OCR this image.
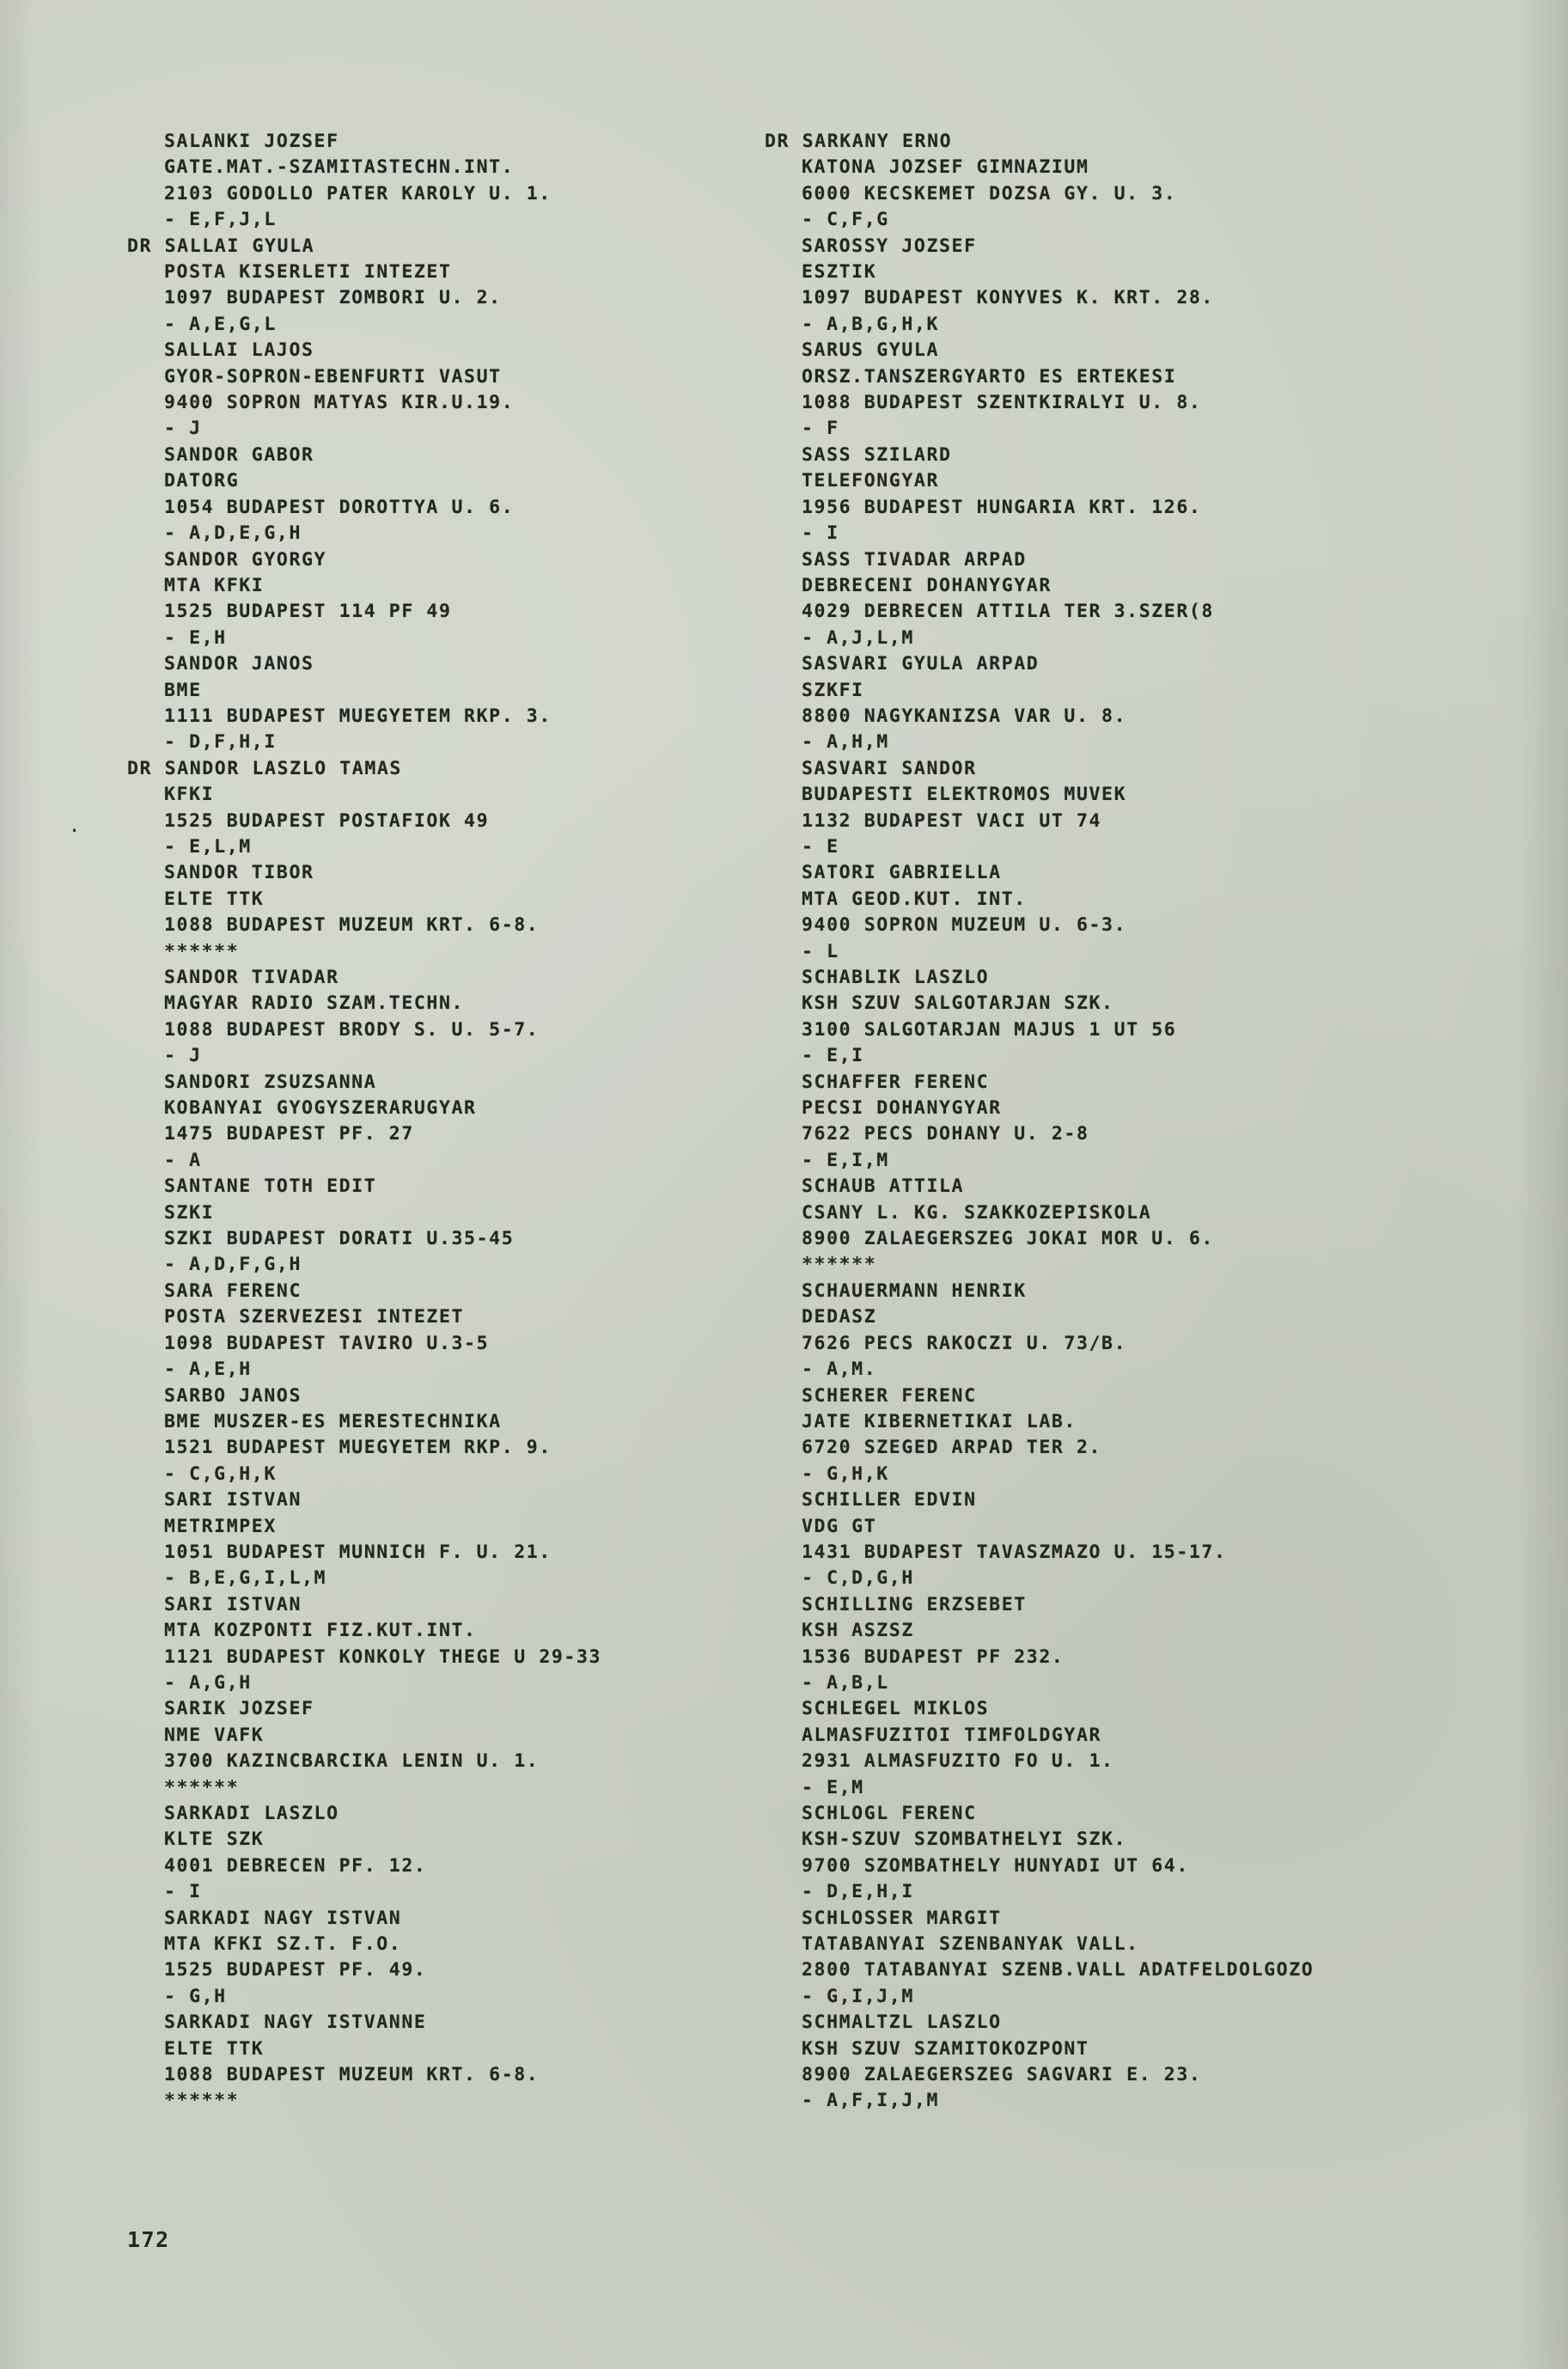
·
SALANKI JOZSEF
GATE.MAT.-SZAMITASTECHN.INT.
2103 GODOLLO PATER KAROLY U. 1.
- E,F,J,L
DR SALLAI GYULA
POSTA KISERLETI INTEZET
1097 BUDAPEST ZOMBORI U. 2.
- A,E,G,L
SALLAI LAJOS
GYOR-SOPRON-EBENFURTI VASUT
9400 SOPRON MATYAS KIR.U.19.
- J
SANDOR GABOR
DATORG
1054 BUDAPEST DOROTTYA U. 6.
- A,D,E,G,H
SANDOR GYORGY
MTA KFKI
1525 BUDAPEST 114 PF 49
- E,H
SANDOR JANOS
BME
1111 BUDAPEST MUEGYETEM RKP. 3.
- D,F,H,I
DR SANDOR LASZLO TAMAS
KFKI
1525 BUDAPEST POSTAFIOK 49
- E,L,M
SANDOR TIBOR
ELTE TTK
1088 BUDAPEST MUZEUM KRT. 6-8.
******
SANDOR TIVADAR
MAGYAR RADIO SZAM.TECHN.
1088 BUDAPEST BRODY S. U. 5-7.
- J
SANDORI ZSUZSANNA
KOBANYAI GYOGYSZERARUGYAR
1475 BUDAPEST PF. 27
- A
SANTANE TOTH EDIT
SZKI
SZKI BUDAPEST DORATI U.35-45
- A,D,F,G,H
SARA FERENC
POSTA SZERVEZESI INTEZET
1098 BUDAPEST TAVIRO U.3-5
- A,E,H
SARBO JANOS
BME MUSZER-ES MERESTECHNIKA
1521 BUDAPEST MUEGYETEM RKP. 9.
- C,G,H,K
SARI ISTVAN
METRIMPEX
1051 BUDAPEST MUNNICH F. U. 21.
- B,E,G,I,L,M
SARI ISTVAN
MTA KOZPONTI FIZ.KUT.INT.
1121 BUDAPEST KONKOLY THEGE U 29-33
- A,G,H
SARIK JOZSEF
NME VAFK
3700 KAZINCBARCIKA LENIN U. 1.
******
SARKADI LASZLO
KLTE SZK
4001 DEBRECEN PF. 12.
- I
SARKADI NAGY ISTVAN
MTA KFKI SZ.T. F.O.
1525 BUDAPEST PF. 49.
- G,H
SARKADI NAGY ISTVANNE
ELTE TTK
1088 BUDAPEST MUZEUM KRT. 6-8.
******
DR SARKANY ERNO
KATONA JOZSEF GIMNAZIUM
6000 KECSKEMET DOZSA GY. U. 3.
- C,F,G
SAROSSY JOZSEF
ESZTIK
1097 BUDAPEST KONYVES K. KRT. 28.
- A,B,G,H,K
SARUS GYULA
ORSZ.TANSZERGYARTO ES ERTEKESI
1088 BUDAPEST SZENTKIRALYI U. 8.
- F
SASS SZILARD
TELEFONGYAR
1956 BUDAPEST HUNGARIA KRT. 126.
- I
SASS TIVADAR ARPAD
DEBRECENI DOHANYGYAR
4029 DEBRECEN ATTILA TER 3.SZER(8
- A,J,L,M
SASVARI GYULA ARPAD
SZKFI
8800 NAGYKANIZSA VAR U. 8.
- A,H,M
SASVARI SANDOR
BUDAPESTI ELEKTROMOS MUVEK
1132 BUDAPEST VACI UT 74
- E
SATORI GABRIELLA
MTA GEOD.KUT. INT.
9400 SOPRON MUZEUM U. 6-3.
- L
SCHABLIK LASZLO
KSH SZUV SALGOTARJAN SZK.
3100 SALGOTARJAN MAJUS 1 UT 56
- E,I
SCHAFFER FERENC
PECSI DOHANYGYAR
7622 PECS DOHANY U. 2-8
- E,I,M
SCHAUB ATTILA
CSANY L. KG. SZAKKOZEPISKOLA
8900 ZALAEGERSZEG JOKAI MOR U. 6.
******
SCHAUERMANN HENRIK
DEDASZ
7626 PECS RAKOCZI U. 73/B.
- A,M.
SCHERER FERENC
JATE KIBERNETIKAI LAB.
6720 SZEGED ARPAD TER 2.
- G,H,K
SCHILLER EDVIN
VDG GT
1431 BUDAPEST TAVASZMAZO U. 15-17.
- C,D,G,H
SCHILLING ERZSEBET
KSH ASZSZ
1536 BUDAPEST PF 232.
- A,B,L
SCHLEGEL MIKLOS
ALMASFUZITOI TIMFOLDGYAR
2931 ALMASFUZITO FO U. 1.
- E,M
SCHLOGL FERENC
KSH-SZUV SZOMBATHELYI SZK.
9700 SZOMBATHELY HUNYADI UT 64.
- D,E,H,I
SCHLOSSER MARGIT
TATABANYAI SZENBANYAK VALL.
2800 TATABANYAI SZENB.VALL ADATFELDOLGOZO
- G,I,J,M
SCHMALTZL LASZLO
KSH SZUV SZAMITOKOZPONT
8900 ZALAEGERSZEG SAGVARI E. 23.
- A,F,I,J,M
172
